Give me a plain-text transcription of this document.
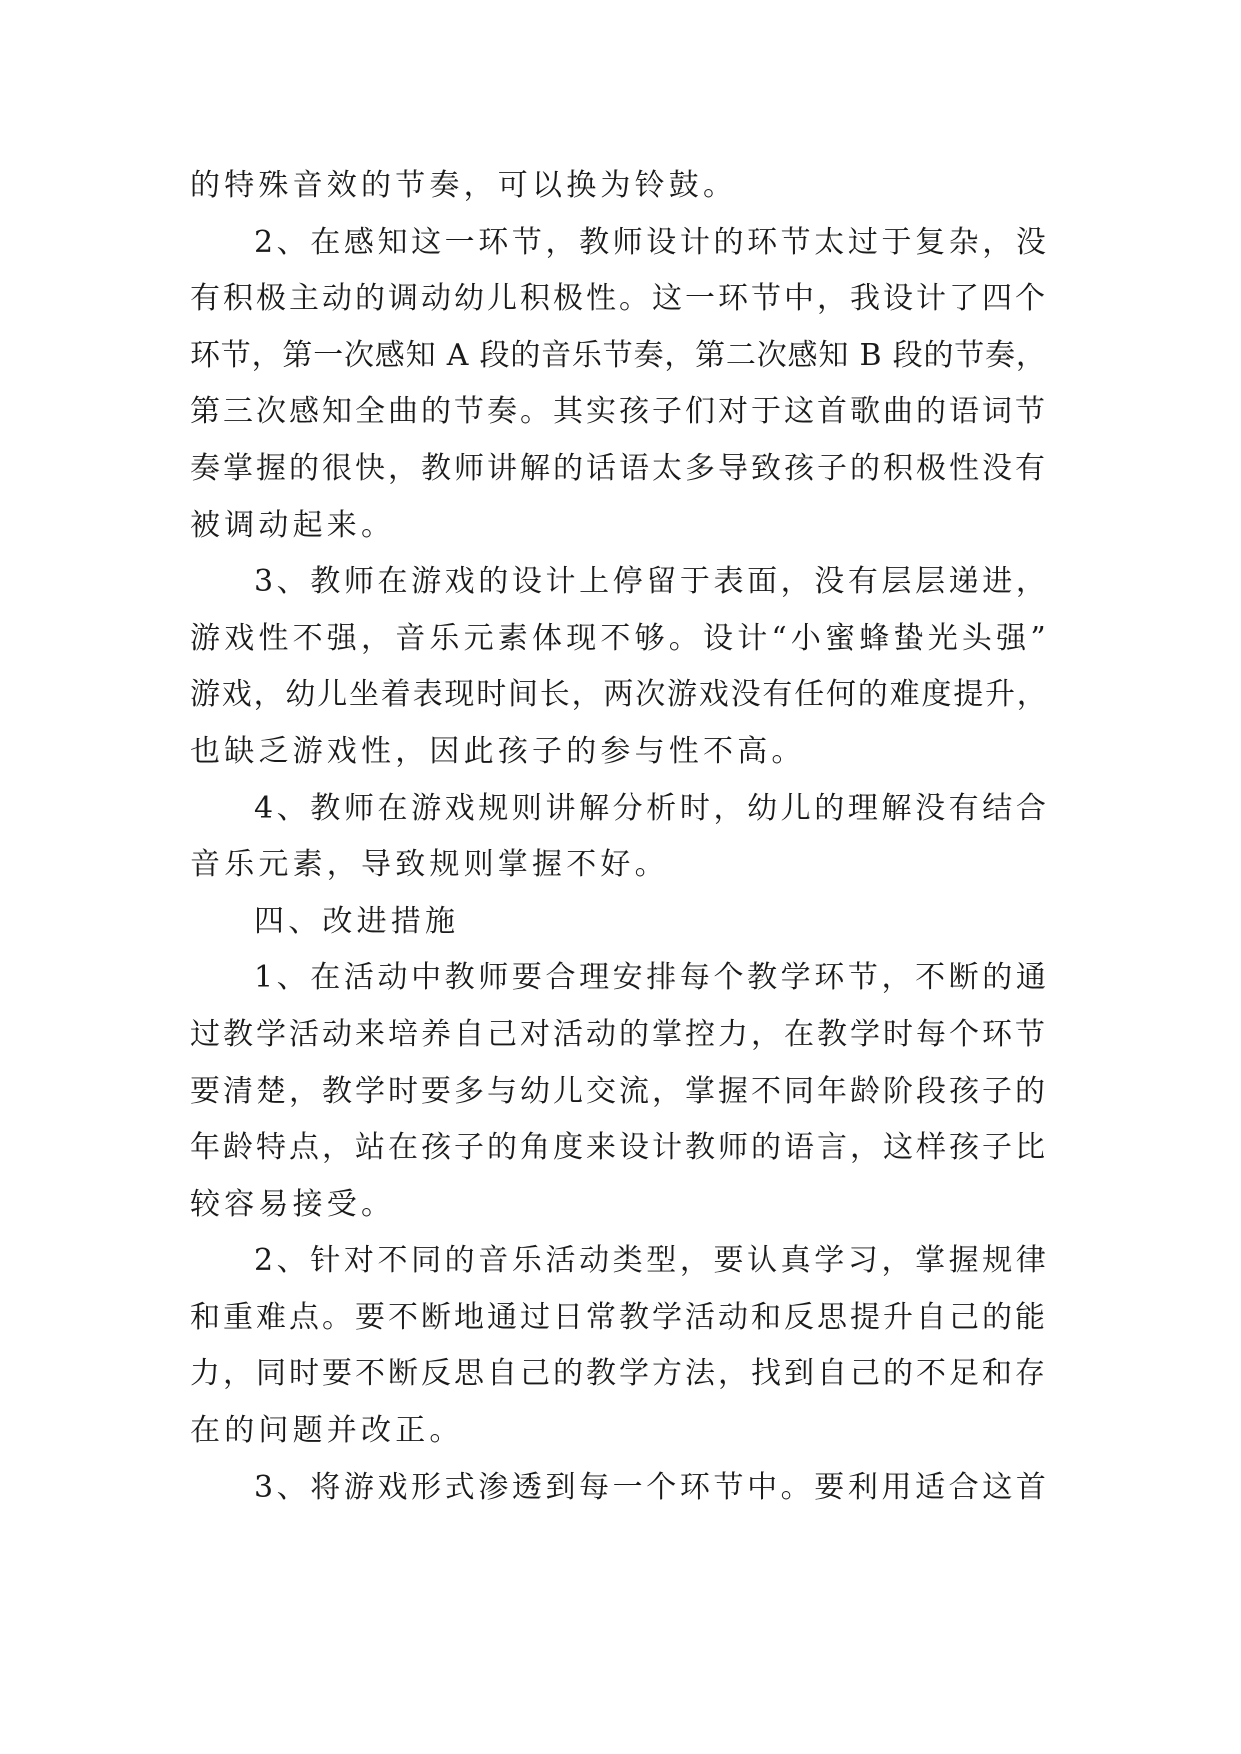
的特殊音效的节奏，可以换为铃鼓。
2、在感知这一环节，教师设计的环节太过于复杂，没
有积极主动的调动幼儿积极性。这一环节中，我设计了四个
环节，第一次感知 A 段的音乐节奏，第二次感知 B 段的节奏，
第三次感知全曲的节奏。其实孩子们对于这首歌曲的语词节
奏掌握的很快，教师讲解的话语太多导致孩子的积极性没有
被调动起来。
3、教师在游戏的设计上停留于表面，没有层层递进，
游戏性不强，音乐元素体现不够。设计“小蜜蜂蛰光头强”
游戏，幼儿坐着表现时间长，两次游戏没有任何的难度提升，
也缺乏游戏性，因此孩子的参与性不高。
4、教师在游戏规则讲解分析时，幼儿的理解没有结合
音乐元素，导致规则掌握不好。
四、改进措施
1、在活动中教师要合理安排每个教学环节，不断的通
过教学活动来培养自己对活动的掌控力，在教学时每个环节
要清楚，教学时要多与幼儿交流，掌握不同年龄阶段孩子的
年龄特点，站在孩子的角度来设计教师的语言，这样孩子比
较容易接受。
2、针对不同的音乐活动类型，要认真学习，掌握规律
和重难点。要不断地通过日常教学活动和反思提升自己的能
力，同时要不断反思自己的教学方法，找到自己的不足和存
在的问题并改正。
3、将游戏形式渗透到每一个环节中。要利用适合这首
